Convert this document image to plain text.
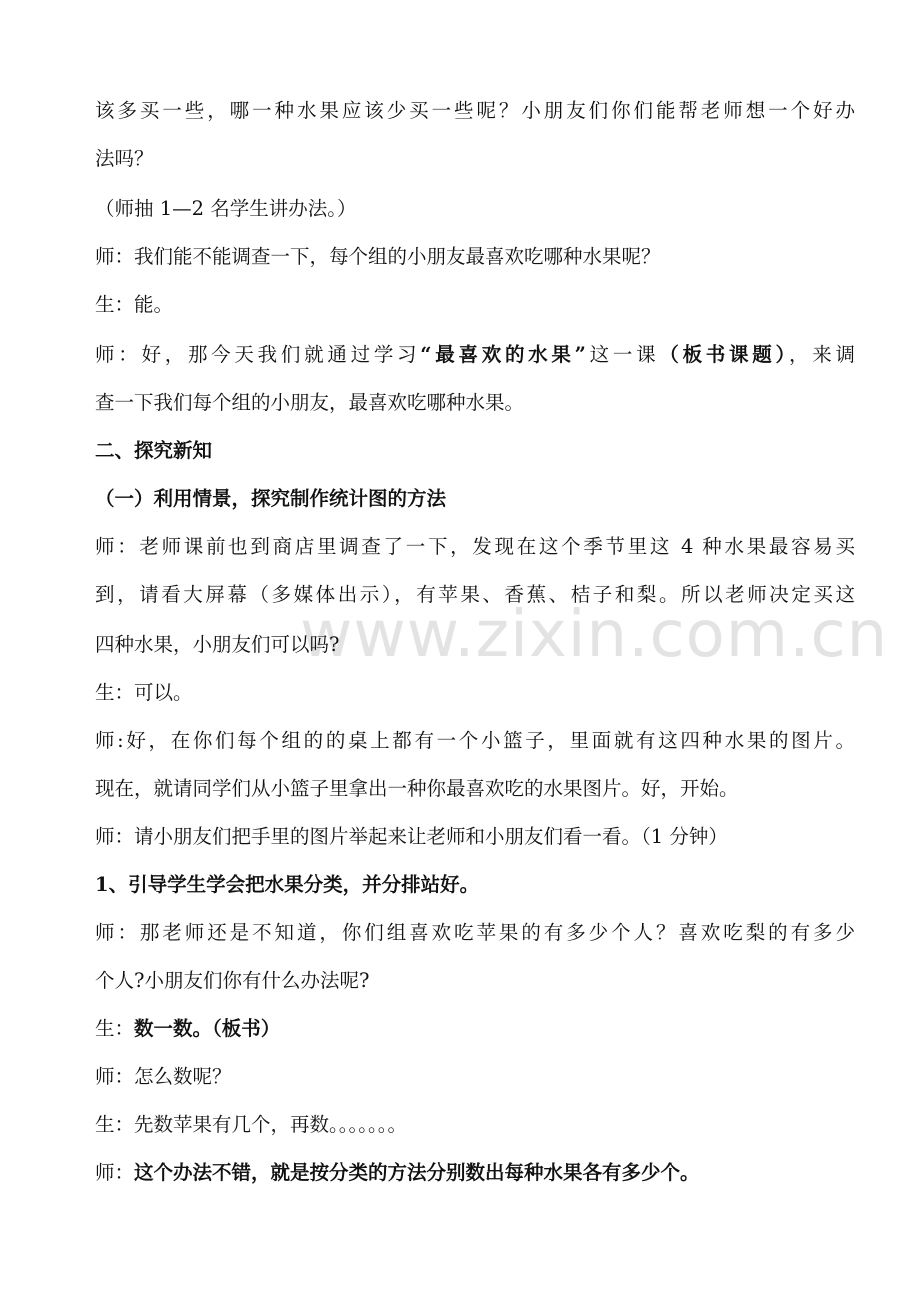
www.zixin.com.cn
该多买一些，哪一种水果应该少买一些呢？小朋友们你们能帮老师想一个好办
法吗？
（师抽 1—2 名学生讲办法。）
师：我们能不能调查一下，每个组的小朋友最喜欢吃哪种水果呢？
生：能。
师：好，那今天我们就通过学习“最喜欢的水果”这一课（板书课题），来调
查一下我们每个组的小朋友，最喜欢吃哪种水果。
二、探究新知
（一）利用情景，探究制作统计图的方法
师：老师课前也到商店里调查了一下，发现在这个季节里这 4 种水果最容易买
到，请看大屏幕（多媒体出示），有苹果、香蕉、桔子和梨。所以老师决定买这
四种水果，小朋友们可以吗?
生：可以。
师:好，在你们每个组的的桌上都有一个小篮子，里面就有这四种水果的图片。
现在，就请同学们从小篮子里拿出一种你最喜欢吃的水果图片。好，开始。
师：请小朋友们把手里的图片举起来让老师和小朋友们看一看。（1 分钟）
1、引导学生学会把水果分类，并分排站好。
师：那老师还是不知道，你们组喜欢吃苹果的有多少个人？喜欢吃梨的有多少
个人?小朋友们你有什么办法呢?
生：数一数。（板书）
师：怎么数呢？
生：先数苹果有几个，再数。。。。。。。
师：这个办法不错，就是按分类的方法分别数出每种水果各有多少个。
